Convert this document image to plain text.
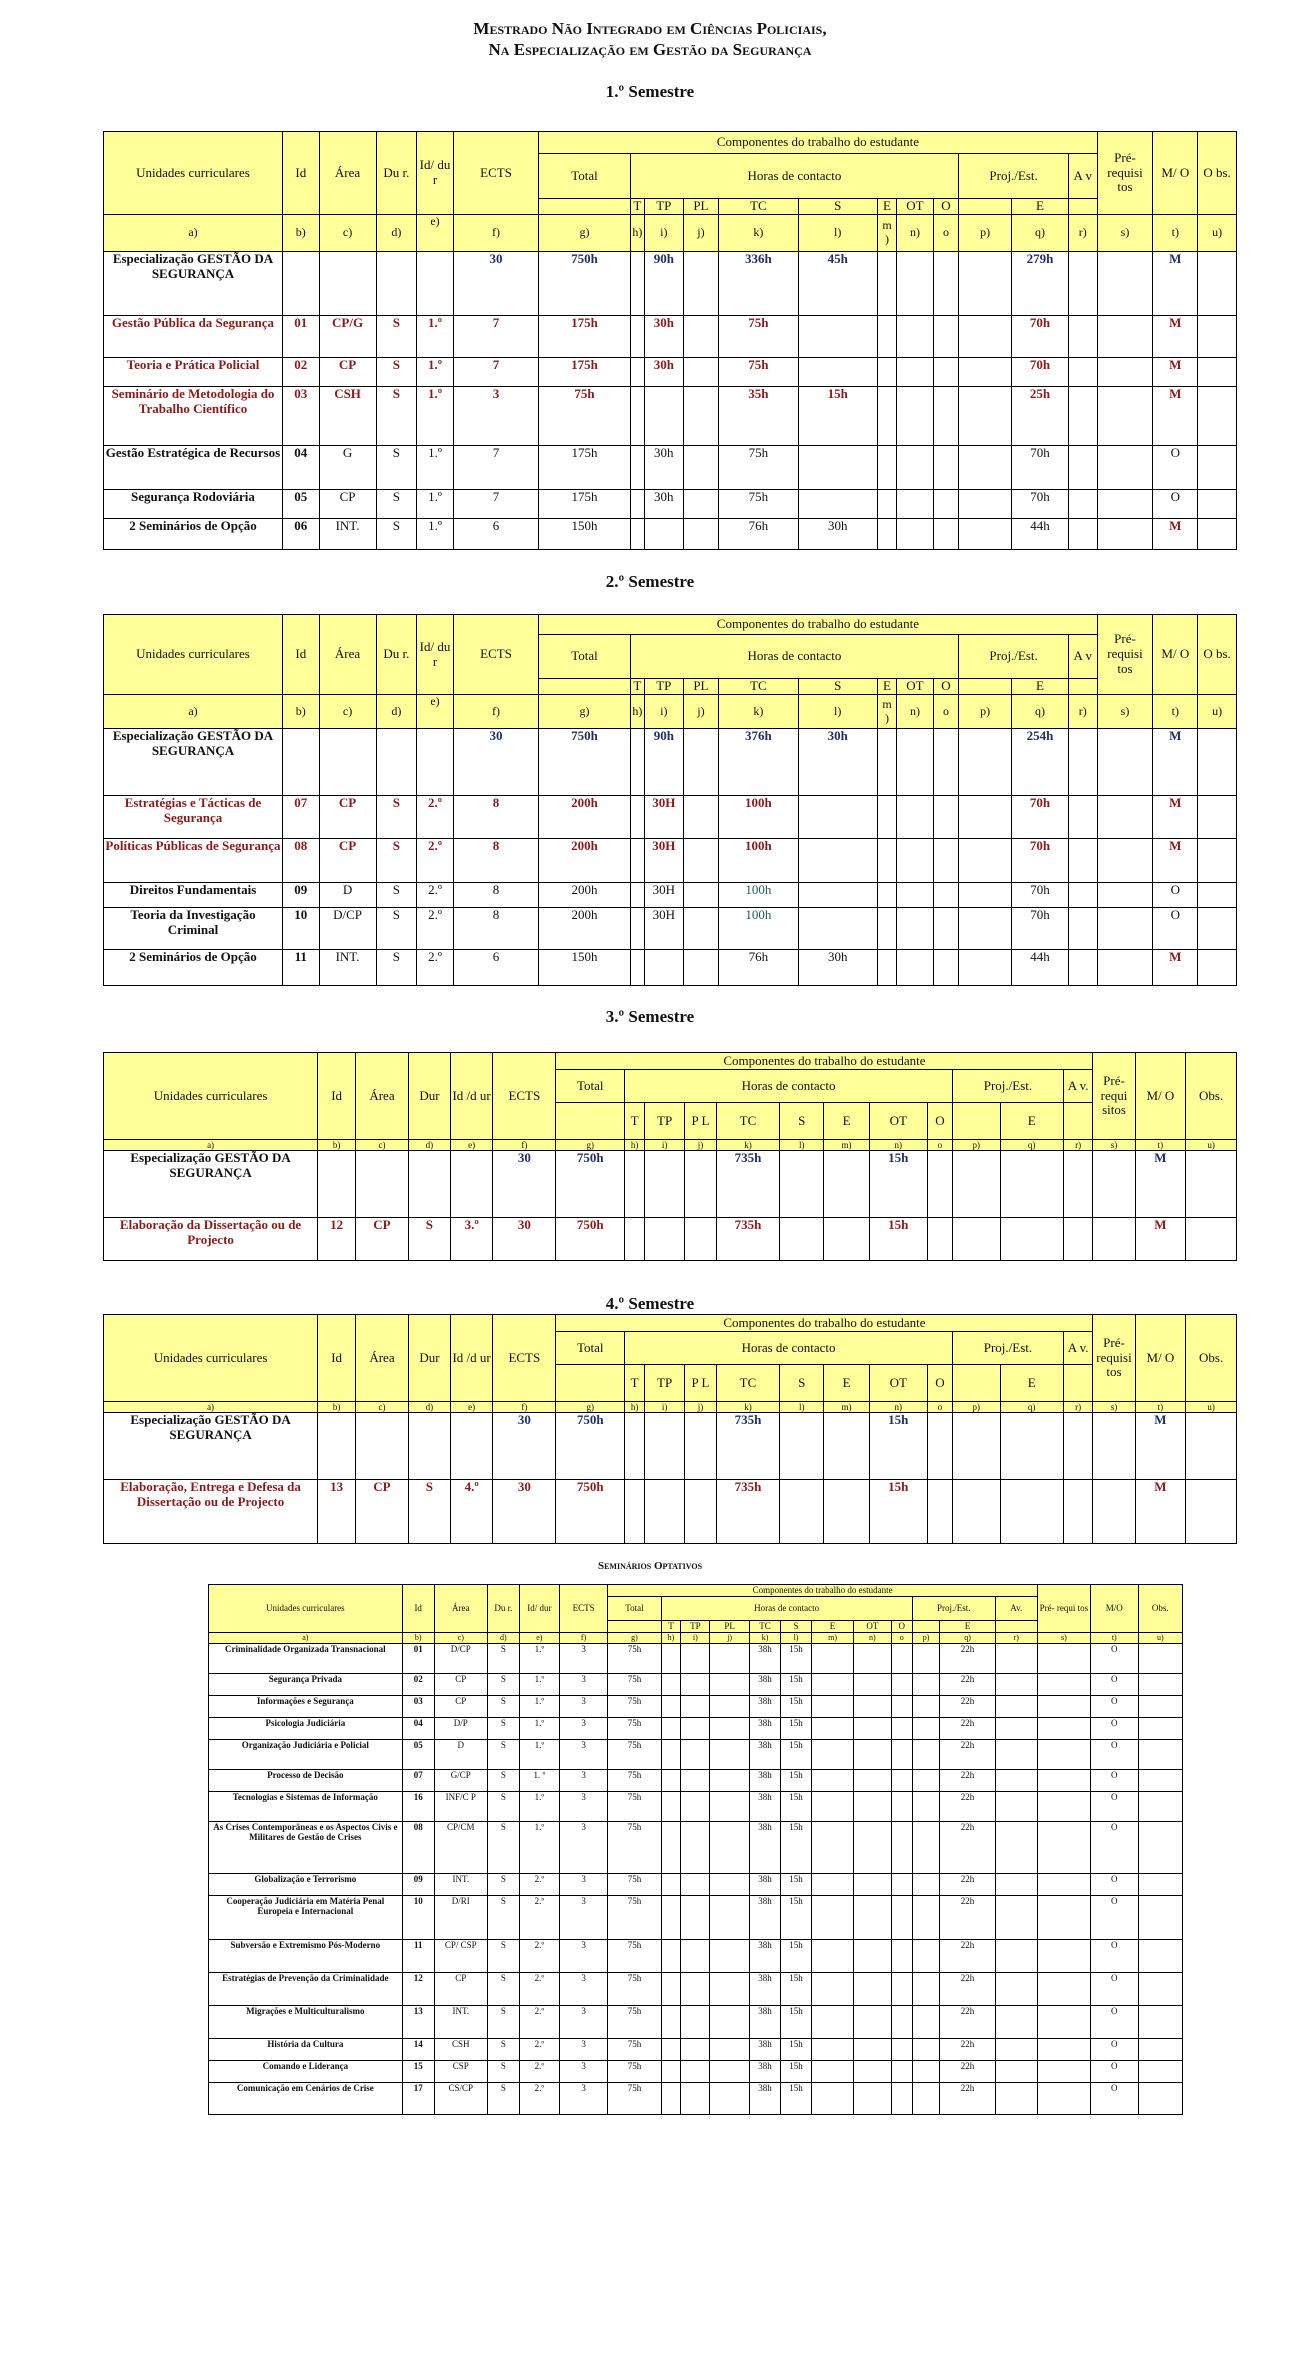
Mestrado Não Integrado em Ciências Policiais,
Na Especialização em Gestão da Segurança
1.º Semestre
Unidades curriculares	Id	Área	Du r.	Id/ du r	ECTS	Componentes do trabalho do estudante												Pré- requisi tos	M/ O	O bs.
						Total	Horas de contacto								Proj./Est.		A v			
							T	TP	PL	TC	S	E	OT	O		E				
a)	b)	c)	d)	e)	f)	g)	h)	i)	j)	k)	l)	m )	n)	o	p)	q)	r)	s)	t)	u)
Especialização GESTÃO DA SEGURANÇA					30	750h		90h		336h	45h					279h			M	
Gestão Pública da Segurança	01	CP/G	S	1.º	7	175h		30h		75h						70h			M	
Teoria e Prática Policial	02	CP	S	1.º	7	175h		30h		75h						70h			M	
Seminário de Metodologia do Trabalho Científico	03	CSH	S	1.º	3	75h				35h	15h					25h			M	
Gestão Estratégica de Recursos	04	G	S	1.º	7	175h		30h		75h						70h			O	
Segurança Rodoviária	05	CP	S	1.º	7	175h		30h		75h						70h			O	
2 Seminários de Opção	06	INT.	S	1.º	6	150h				76h	30h					44h			M	
2.º Semestre
Unidades curriculares	Id	Área	Du r.	Id/ du r	ECTS	Componentes do trabalho do estudante												Pré- requisi tos	M/ O	O bs.
						Total	Horas de contacto								Proj./Est.		A v			
							T	TP	PL	TC	S	E	OT	O		E				
a)	b)	c)	d)	e)	f)	g)	h)	i)	j)	k)	l)	m )	n)	o	p)	q)	r)	s)	t)	u)
Especialização GESTÃO DA SEGURANÇA					30	750h		90h		376h	30h					254h			M	
Estratégias e Tácticas de Segurança	07	CP	S	2.º	8	200h		30H		100h						70h			M	
Políticas Públicas de Segurança	08	CP	S	2.º	8	200h		30H		100h						70h			M	
Direitos Fundamentais	09	D	S	2.º	8	200h		30H		100h						70h			O	
Teoria da Investigação Criminal	10	D/CP	S	2.º	8	200h		30H		100h						70h			O	
2 Seminários de Opção	11	INT.	S	2.º	6	150h				76h	30h					44h			M	
3.º Semestre
Unidades curriculares	Id	Área	Dur	Id /d ur	ECTS	Componentes do trabalho do estudante												Pré- requi sitos	M/ O	Obs.
						Total	Horas de contacto								Proj./Est.		A v.			
							T	TP	P L	TC	S	E	OT	O		E				
a)	b)	c)	d)	e)	f)	g)	h)	i)	j)	k)	l)	m)	n)	o	p)	q)	r)	s)	t)	u)
Especialização GESTÃO DA SEGURANÇA					30	750h				735h			15h						M	
Elaboração da Dissertação ou de Projecto	12	CP	S	3.º	30	750h				735h			15h						M	
4.º Semestre
Unidades curriculares	Id	Área	Dur	Id /d ur	ECTS	Componentes do trabalho do estudante												Pré- requisi tos	M/ O	Obs.
						Total	Horas de contacto								Proj./Est.		A v.			
							T	TP	P L	TC	S	E	OT	O		E				
a)	b)	c)	d)	e)	f)	g)	h)	i)	j)	k)	l)	m)	n)	o	p)	q)	r)	s)	t)	u)
Especialização GESTÃO DA SEGURANÇA					30	750h				735h			15h						M	
Elaboração, Entrega e Defesa da Dissertação ou de Projecto	13	CP	S	4.º	30	750h				735h			15h						M	
Seminários Optativos
Unidades curriculares	Id	Área	Du r.	Id/ dur	ECTS	Componentes do trabalho do estudante												Pré- requi tos	M/O	Obs.
						Total	Horas de contacto								Proj./Est.		Av.			
							T	TP	PL	TC	S	E	OT	O		E				
a)	b)	c)	d)	e)	f)	g)	h)	i)	j)	k)	l)	m)	n)	o	p)	q)	r)	s)	t)	u)
Criminalidade Organizada Transnacional	01	D/CP	S	1.º	3	75h				38h	15h					22h			O	
Segurança Privada	02	CP	S	1.º	3	75h				38h	15h					22h			O	
Informações e Segurança	03	CP	S	1.º	3	75h				38h	15h					22h			O	
Psicologia Judiciária	04	D/P	S	1.º	3	75h				38h	15h					22h			O	
Organização Judiciária e Policial	05	D	S	1.º	3	75h				38h	15h					22h			O	
Processo de Decisão	07	G/CP	S	1. º	3	75h				38h	15h					22h			O	
Tecnologias e Sistemas de Informação	16	INF/C P	S	1.º	3	75h				38h	15h					22h			O	
As Crises Contemporâneas e os Aspectos Civis e Militares de Gestão de Crises	08	CP/CM	S	1.º	3	75h				38h	15h					22h			O	
Globalização e Terrorismo	09	INT.	S	2.º	3	75h				38h	15h					22h			O	
Cooperação Judiciária em Matéria Penal Europeia e Internacional	10	D/RI	S	2.º	3	75h				38h	15h					22h			O	
Subversão e Extremismo Pós-Moderno	11	CP/ CSP	S	2.º	3	75h				38h	15h					22h			O	
Estratégias de Prevenção da Criminalidade	12	CP	S	2.º	3	75h				38h	15h					22h			O	
Migrações e Multiculturalismo	13	INT.	S	2.º	3	75h				38h	15h					22h			O	
História da Cultura	14	CSH	S	2.º	3	75h				38h	15h					22h			O	
Comando e Liderança	15	CSP	S	2.º	3	75h				38h	15h					22h			O	
Comunicação em Cenários de Crise	17	CS/CP	S	2.º	3	75h				38h	15h					22h			O	
